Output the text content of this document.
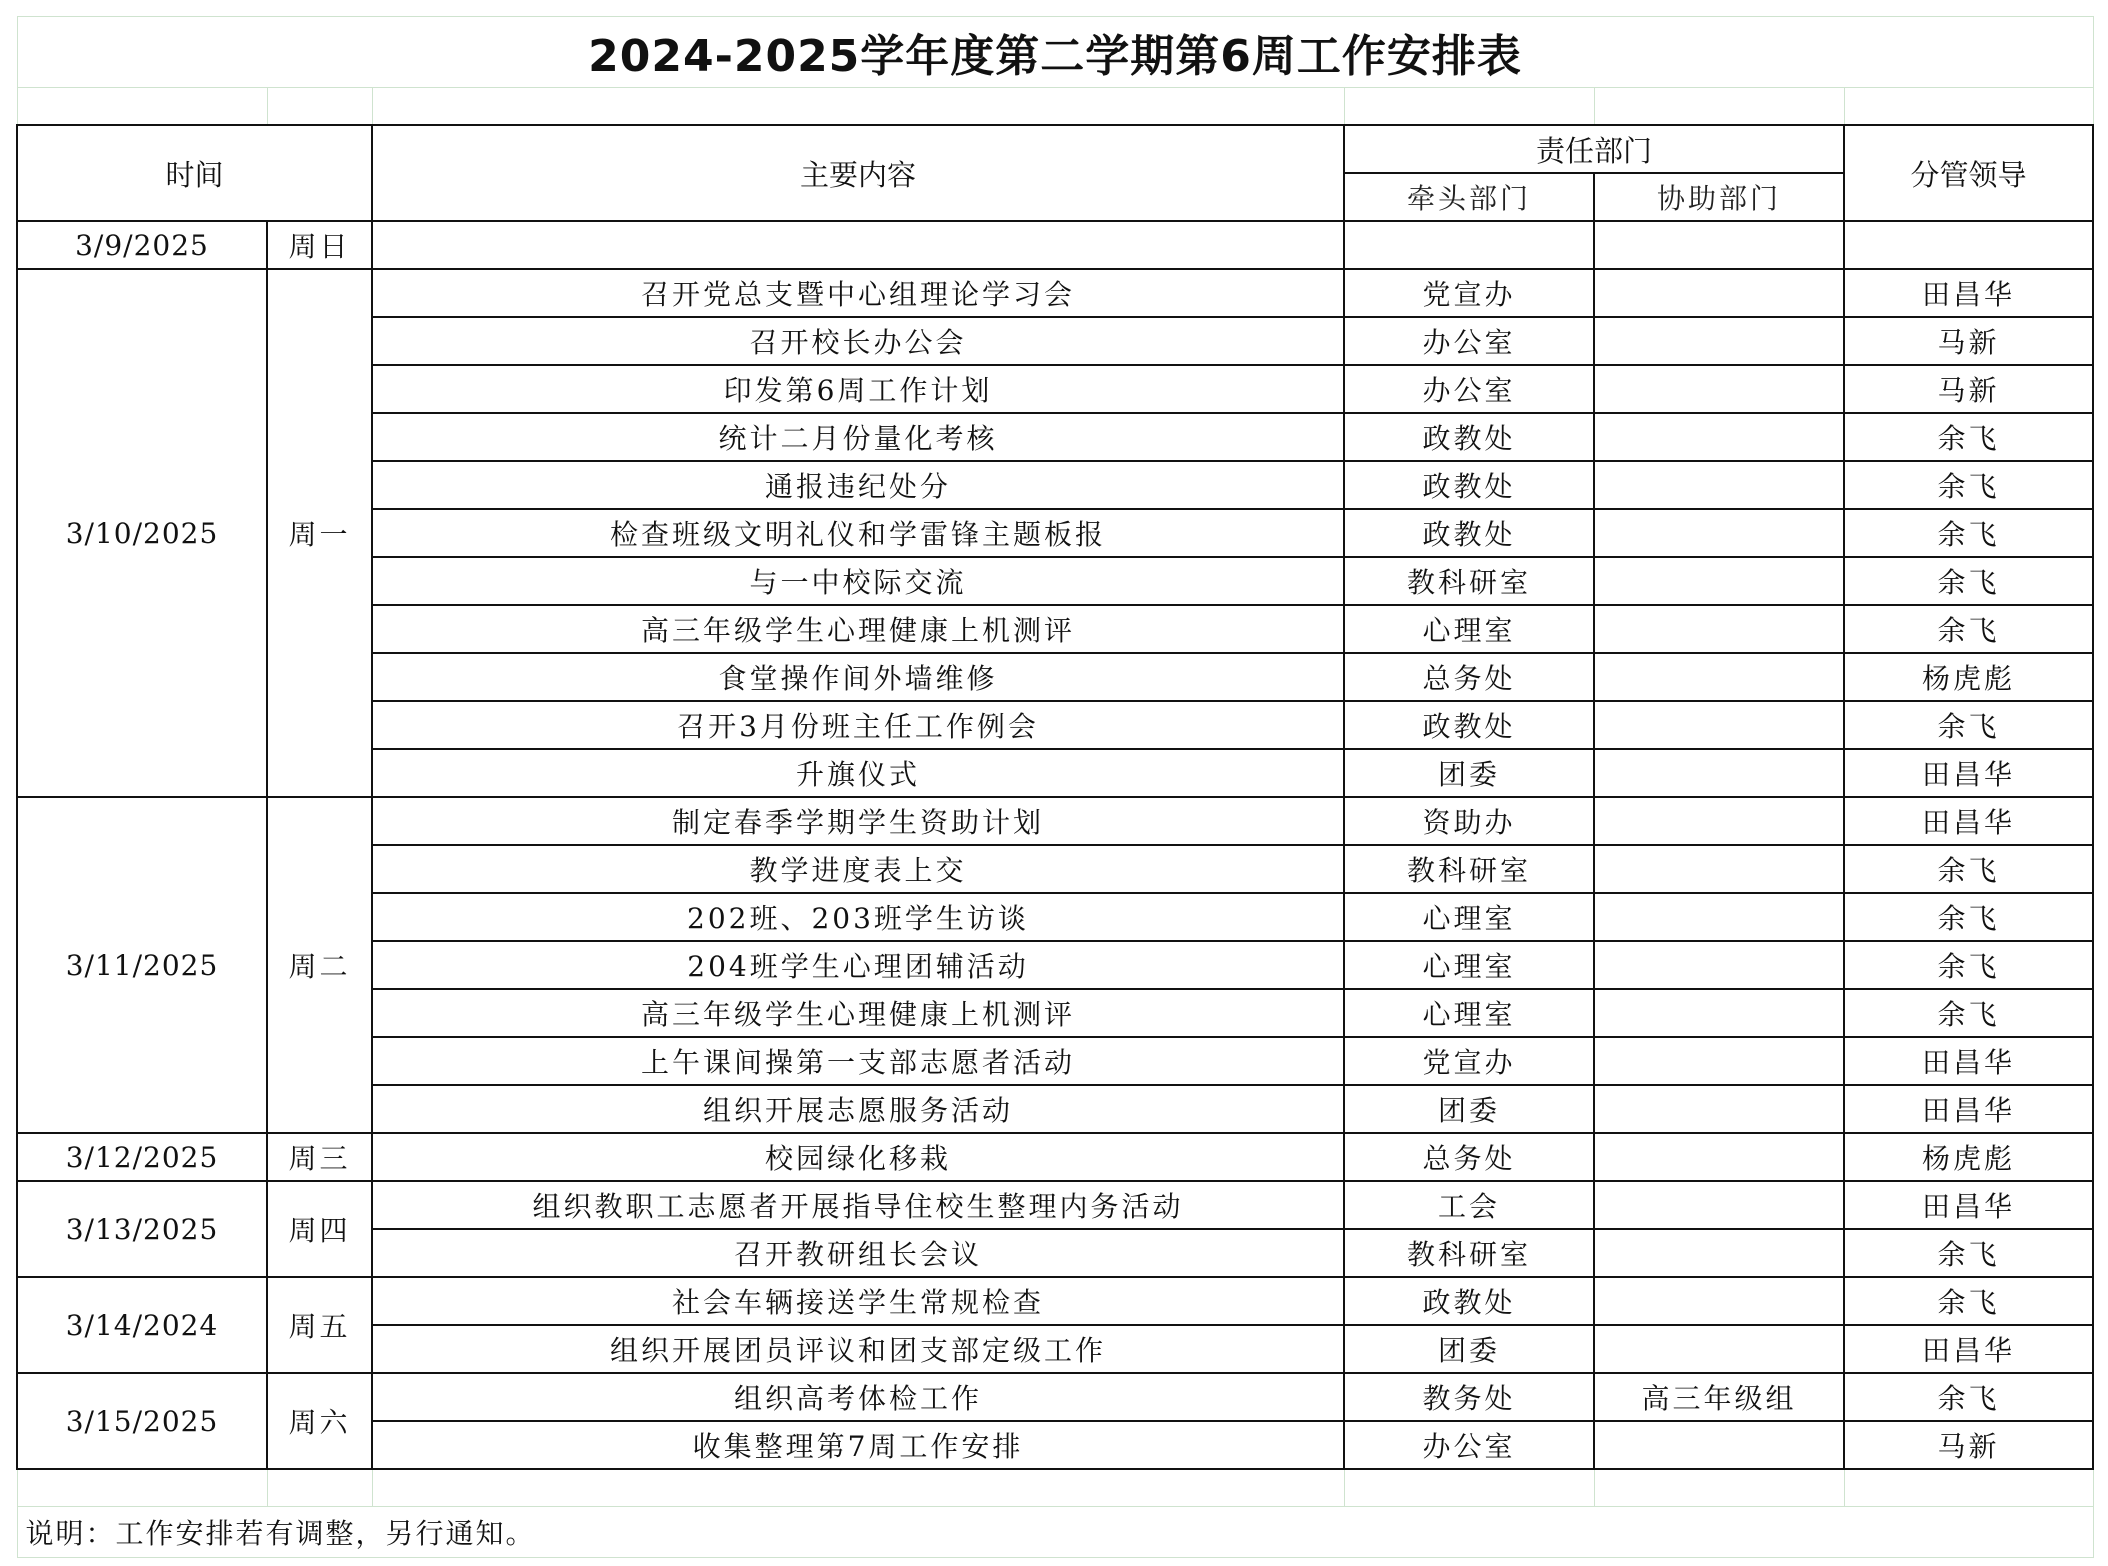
2024-2025学年度第二学期第6周工作安排表					

时间		主要内容	责任部门		分管领导
			牵头部门	协助部门	
3/9/2025	周日				
3/10/2025	周一	召开党总支暨中心组理论学习会	党宣办		田昌华
		召开校长办公会	办公室		马新
		印发第6周工作计划	办公室		马新
		统计二月份量化考核	政教处		余飞
		通报违纪处分	政教处		余飞
		检查班级文明礼仪和学雷锋主题板报	政教处		余飞
		与一中校际交流	教科研室		余飞
		高三年级学生心理健康上机测评	心理室		余飞
		食堂操作间外墙维修	总务处		杨虎彪
		召开3月份班主任工作例会	政教处		余飞
		升旗仪式	团委		田昌华
3/11/2025	周二	制定春季学期学生资助计划	资助办		田昌华
		教学进度表上交	教科研室		余飞
		202班、203班学生访谈	心理室		余飞
		204班学生心理团辅活动	心理室		余飞
		高三年级学生心理健康上机测评	心理室		余飞
		上午课间操第一支部志愿者活动	党宣办		田昌华
		组织开展志愿服务活动	团委		田昌华
3/12/2025	周三	校园绿化移栽	总务处		杨虎彪
3/13/2025	周四	组织教职工志愿者开展指导住校生整理内务活动	工会		田昌华
		召开教研组长会议	教科研室		余飞
3/14/2024	周五	社会车辆接送学生常规检查	政教处		余飞
		组织开展团员评议和团支部定级工作	团委		田昌华
3/15/2025	周六	组织高考体检工作	教务处	高三年级组	余飞
		收集整理第7周工作安排	办公室		马新

说明：工作安排若有调整，另行通知。					
